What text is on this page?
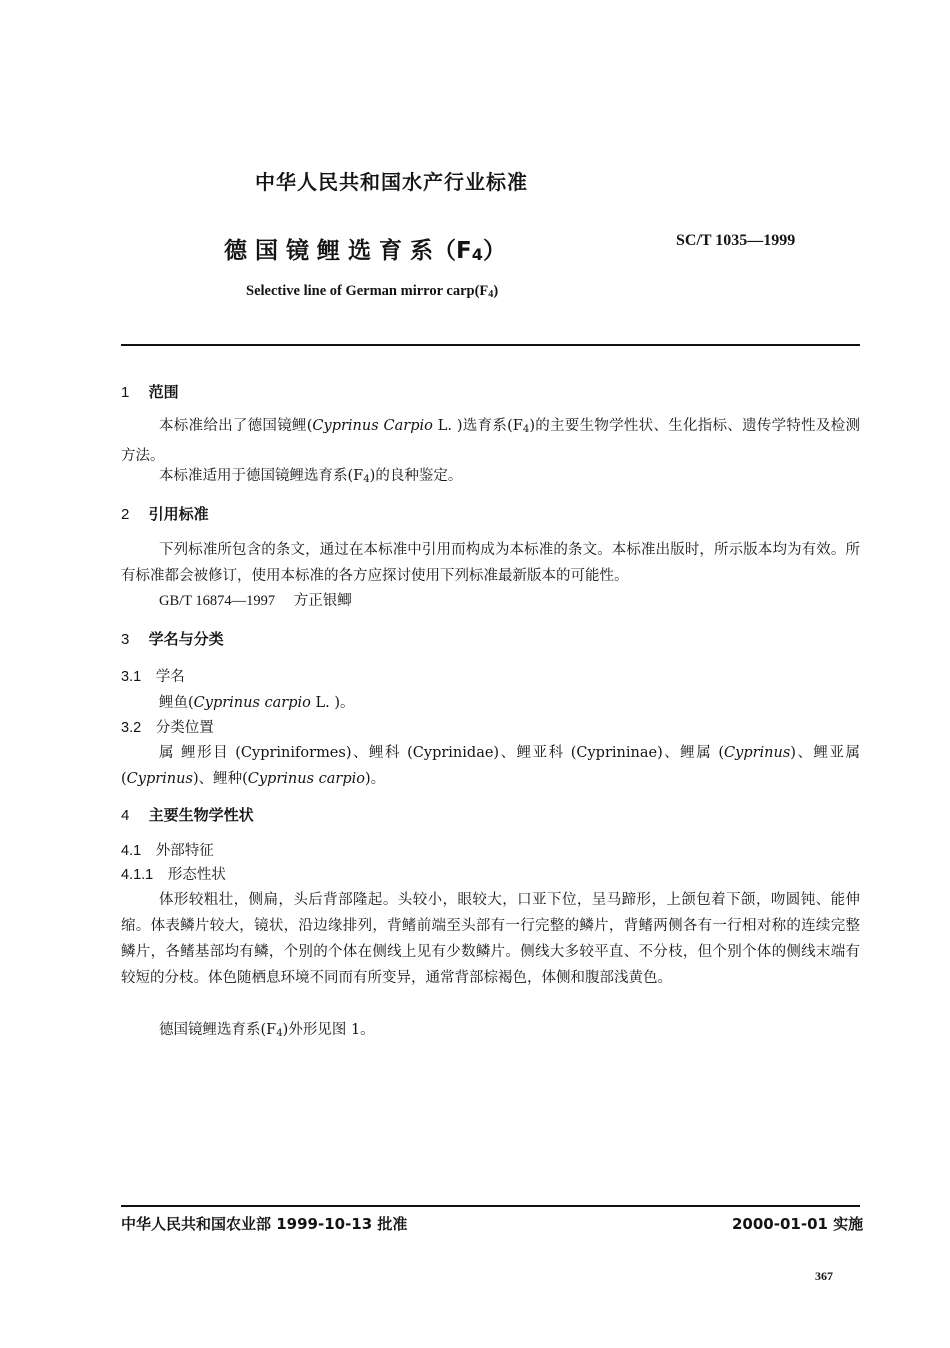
中华人民共和国水产行业标准
德 国 镜 鲤 选 育 系$(F_4)$	SC/T 1035—1999
Selective line of German mirror $carp(F_4)$
1 范围
本标准给出了德国镜鲤(Cyprinus Carpio L. )选育系$(F_4)$的主要生物学性状、生化指标、遗传学特性及检测方法。
本标准适用于德国镜鲤选育系$(F_4)$的良种鉴定。
2 引用标准
下列标准所包含的条文，通过在本标准中引用而构成为本标准的条文。本标准出版时，所示版本均为有效。所有标准都会被修订，使用本标准的各方应探讨使用下列标准最新版本的可能性。
GB/T 16874—1997 方正银鲫
3 学名与分类
3.1 学名
鲤鱼(Cyprinus carpio L. )。
3.2 分类位置
属 鲤形目 (Cypriniformes)、鲤科 (Cyprinidae)、鲤亚科 (Cyprininae)、鲤属 (Cyprinus)、鲤亚属 (Cyprinus)、鲤种(Cyprinus carpio)。
4 主要生物学性状
4.1 外部特征
4.1.1 形态性状
体形较粗壮，侧扁，头后背部隆起。头较小，眼较大，口亚下位，呈马蹄形，上颌包着下颌，吻圆钝、能伸缩。体表鳞片较大，镜状，沿边缘排列，背鳍前端至头部有一行完整的鳞片，背鳍两侧各有一行相对称的连续完整鳞片，各鳍基部均有鳞，个别的个体在侧线上见有少数鳞片。侧线大多较平直、不分枝，但个别个体的侧线末端有较短的分枝。体色随栖息环境不同而有所变异，通常背部棕褐色，体侧和腹部浅黄色。
德国镜鲤选育系$(F_4)$外形见图 1。
中华人民共和国农业部 1999-10-13 批准	2000-01-01 实施
367
